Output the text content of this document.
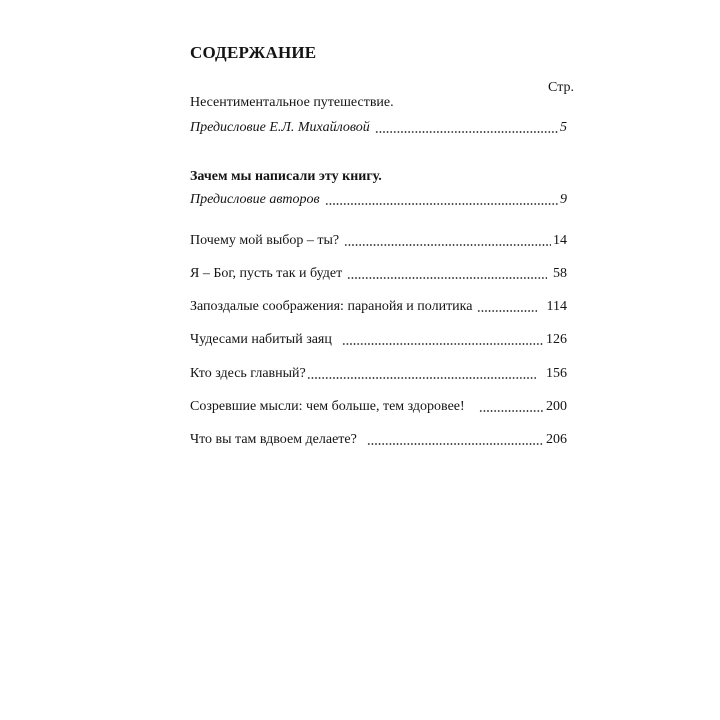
СОДЕРЖАНИЕ
Стр.
Несентиментальное путешествие.
Предисловие Е.Л. Михайловой	5
Зачем мы написали эту книгу.
Предисловие авторов	9
Почему мой выбор – ты?	14
Я – Бог, пусть так и будет	58
Запоздалые соображения: паранойя и политика	114
Чудесами набитый заяц	126
Кто здесь главный?	156
Созревшие мысли: чем больше, тем здоровее!	200
Что вы там вдвоем делаете?	206
